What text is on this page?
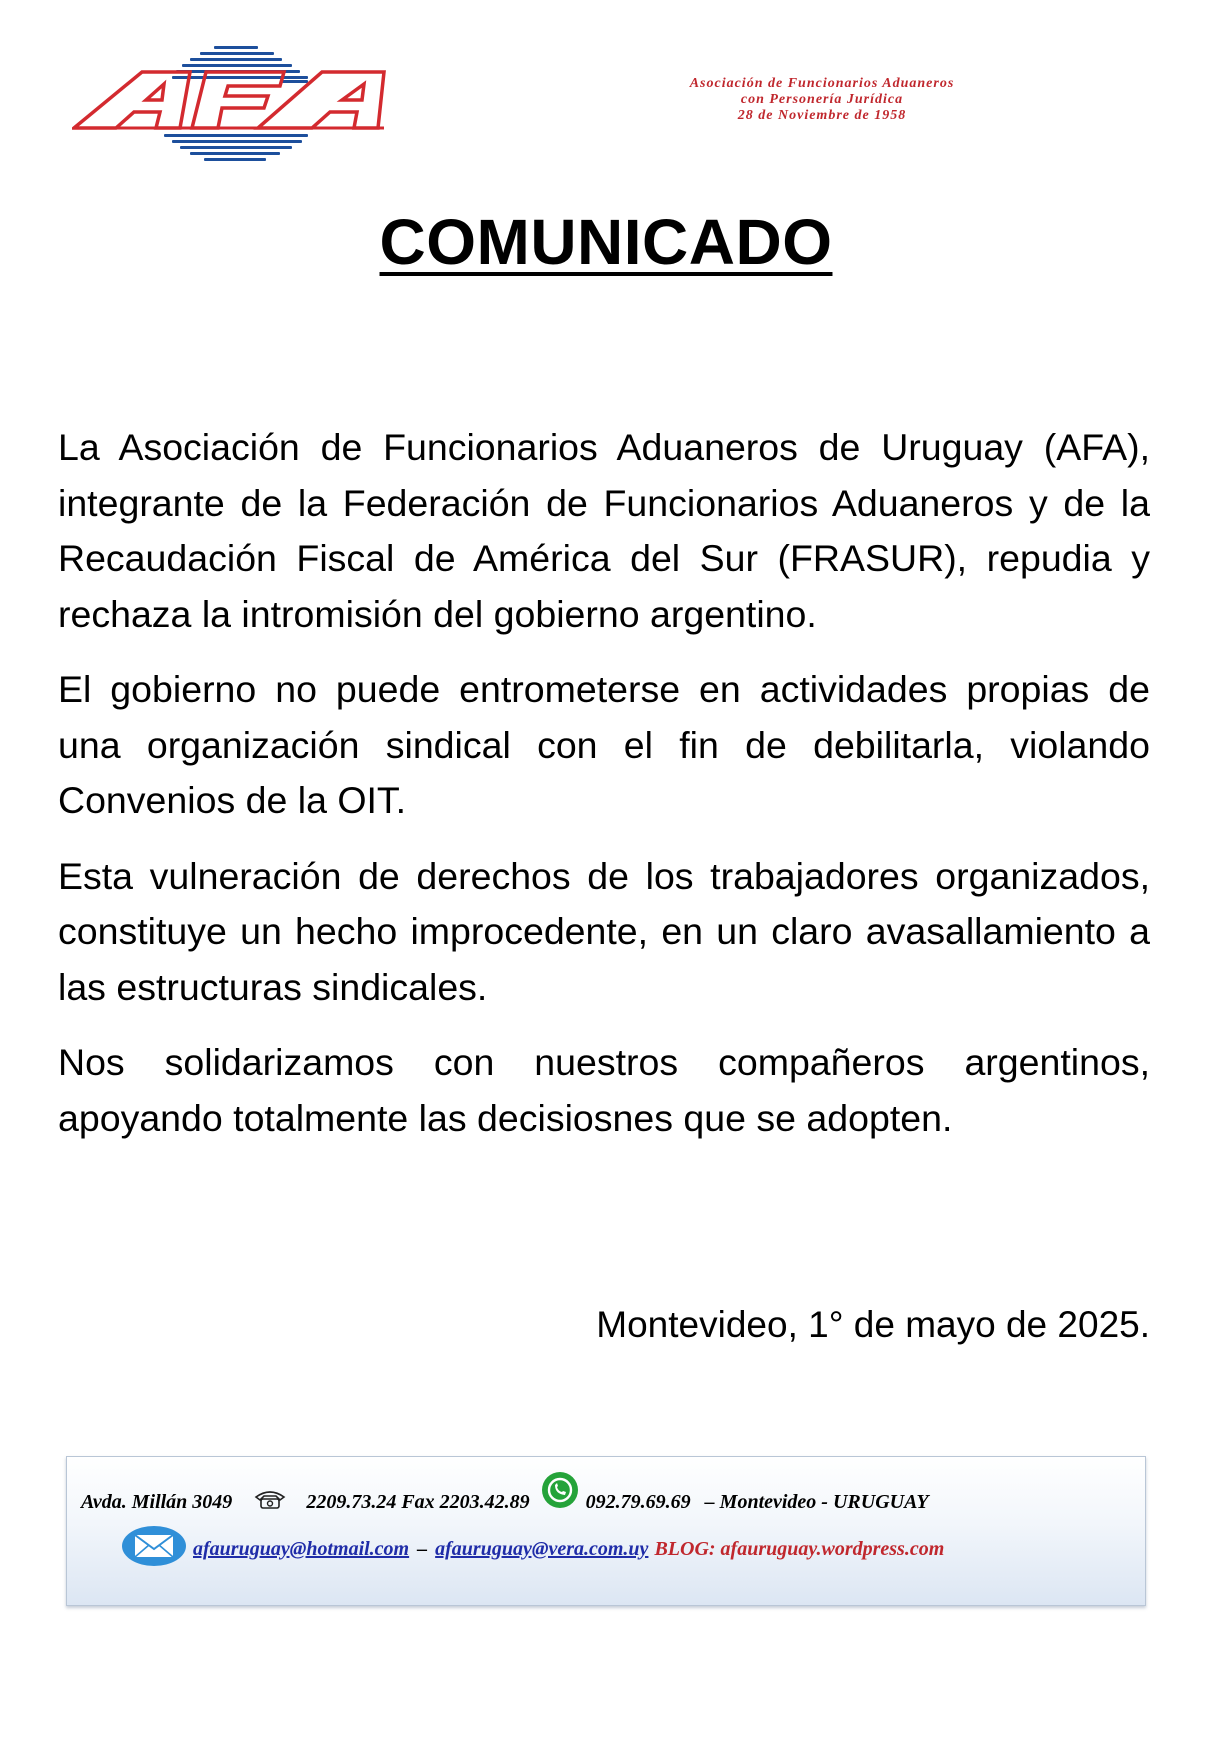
Asociación de Funcionarios Aduaneros
con Personería Jurídica
28 de Noviembre de 1958
COMUNICADO

La Asociación de Funcionarios Aduaneros de Uruguay (AFA), integrante de la Federación de Funcionarios Aduaneros y de la Recaudación Fiscal de América del Sur (FRASUR), repudia y rechaza la intromisión del gobierno argentino.

El gobierno no puede entrometerse en actividades propias de una organización sindical con el fin de debilitarla, violando Convenios de la OIT.

Esta vulneración de derechos de los trabajadores organizados, constituye un hecho improcedente, en un claro avasallamiento a las estructuras sindicales.

Nos solidarizamos con nuestros compañeros argentinos, apoyando totalmente las decisiosnes que se adopten.

Montevideo, 1° de mayo de 2025.
Avda. Millán 3049	2209.73.24 Fax 2203.42.89	092.79.69.69 – Montevideo - URUGUAY
afauruguay@hotmail.com – afauruguay@vera.com.uy BLOG: afauruguay.wordpress.com
